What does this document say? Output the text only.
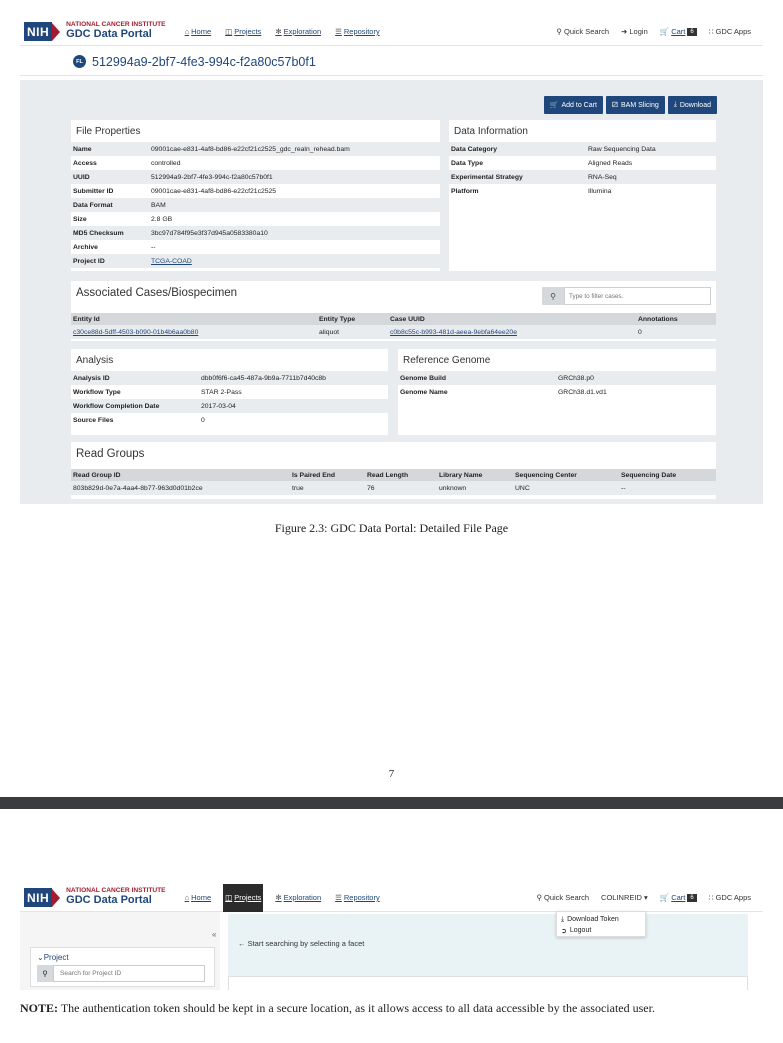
NIH	NATIONAL CANCER INSTITUTE
GDC Data Portal	⌂ Home ◫ Projects ✻ Exploration ☰ Repository	⚲ Quick Search ➜ Login 🛒 Cart 6	∷ GDC Apps
FL 512994a9-2bf7-4fe3-994c-f2a80c57b0f1
🛒 Add to Cart ⚂ BAM Slicing ⤓ Download
File Properties
Name	09001cae-e831-4af8-bd86-e22cf21c2525_gdc_realn_rehead.bam
Access	controlled
UUID	512994a9-2bf7-4fe3-994c-f2a80c57b0f1
Submitter ID	09001cae-e831-4af8-bd86-e22cf21c2525
Data Format	BAM
Size	2.8 GB
MD5 Checksum	3bc97d784f95e3f37d945a0583380a10
Archive	--
Project ID	TCGA-COAD
Data Information
Data Category	Raw Sequencing Data
Data Type	Aligned Reads
Experimental Strategy	RNA-Seq
Platform	Illumina
Associated Cases/Biospecimen	⚲
Type to filter cases.
Entity Id	Entity Type	Case UUID	Annotations
c30ce88d-5dff-4503-b090-01b4b6aa0b80	aliquot	c0b8c55c-b993-481d-aeea-9ebfa64ee20e	0
Analysis
Analysis ID	dbb0f6f6-ca45-487a-9b9a-7711b7d40c8b
Workflow Type	STAR 2-Pass
Workflow Completion Date	2017-03-04
Source Files	0
Reference Genome
Genome Build	GRCh38.p0
Genome Name	GRCh38.d1.vd1
Read Groups
Read Group ID	Is Paired End	Read Length	Library Name	Sequencing Center	Sequencing Date
803b829d-0e7a-4aa4-8b77-963d0d01b2ce	true	76	unknown	UNC	--
Figure 2.3: GDC Data Portal: Detailed File Page
7
NIH	NATIONAL CANCER INSTITUTE
GDC Data Portal	⌂ Home ◫ Projects ✻ Exploration ☰ Repository	⚲ Quick Search COLINREID ▾ 🛒 Cart 6	∷ GDC Apps
⤓ Download Token
➲ Logout
«
⌄Project
⚲
Search for Project ID
← Start searching by selecting a facet
NOTE: The authentication token should be kept in a secure location, as it allows access to all data accessible by the associated user.
